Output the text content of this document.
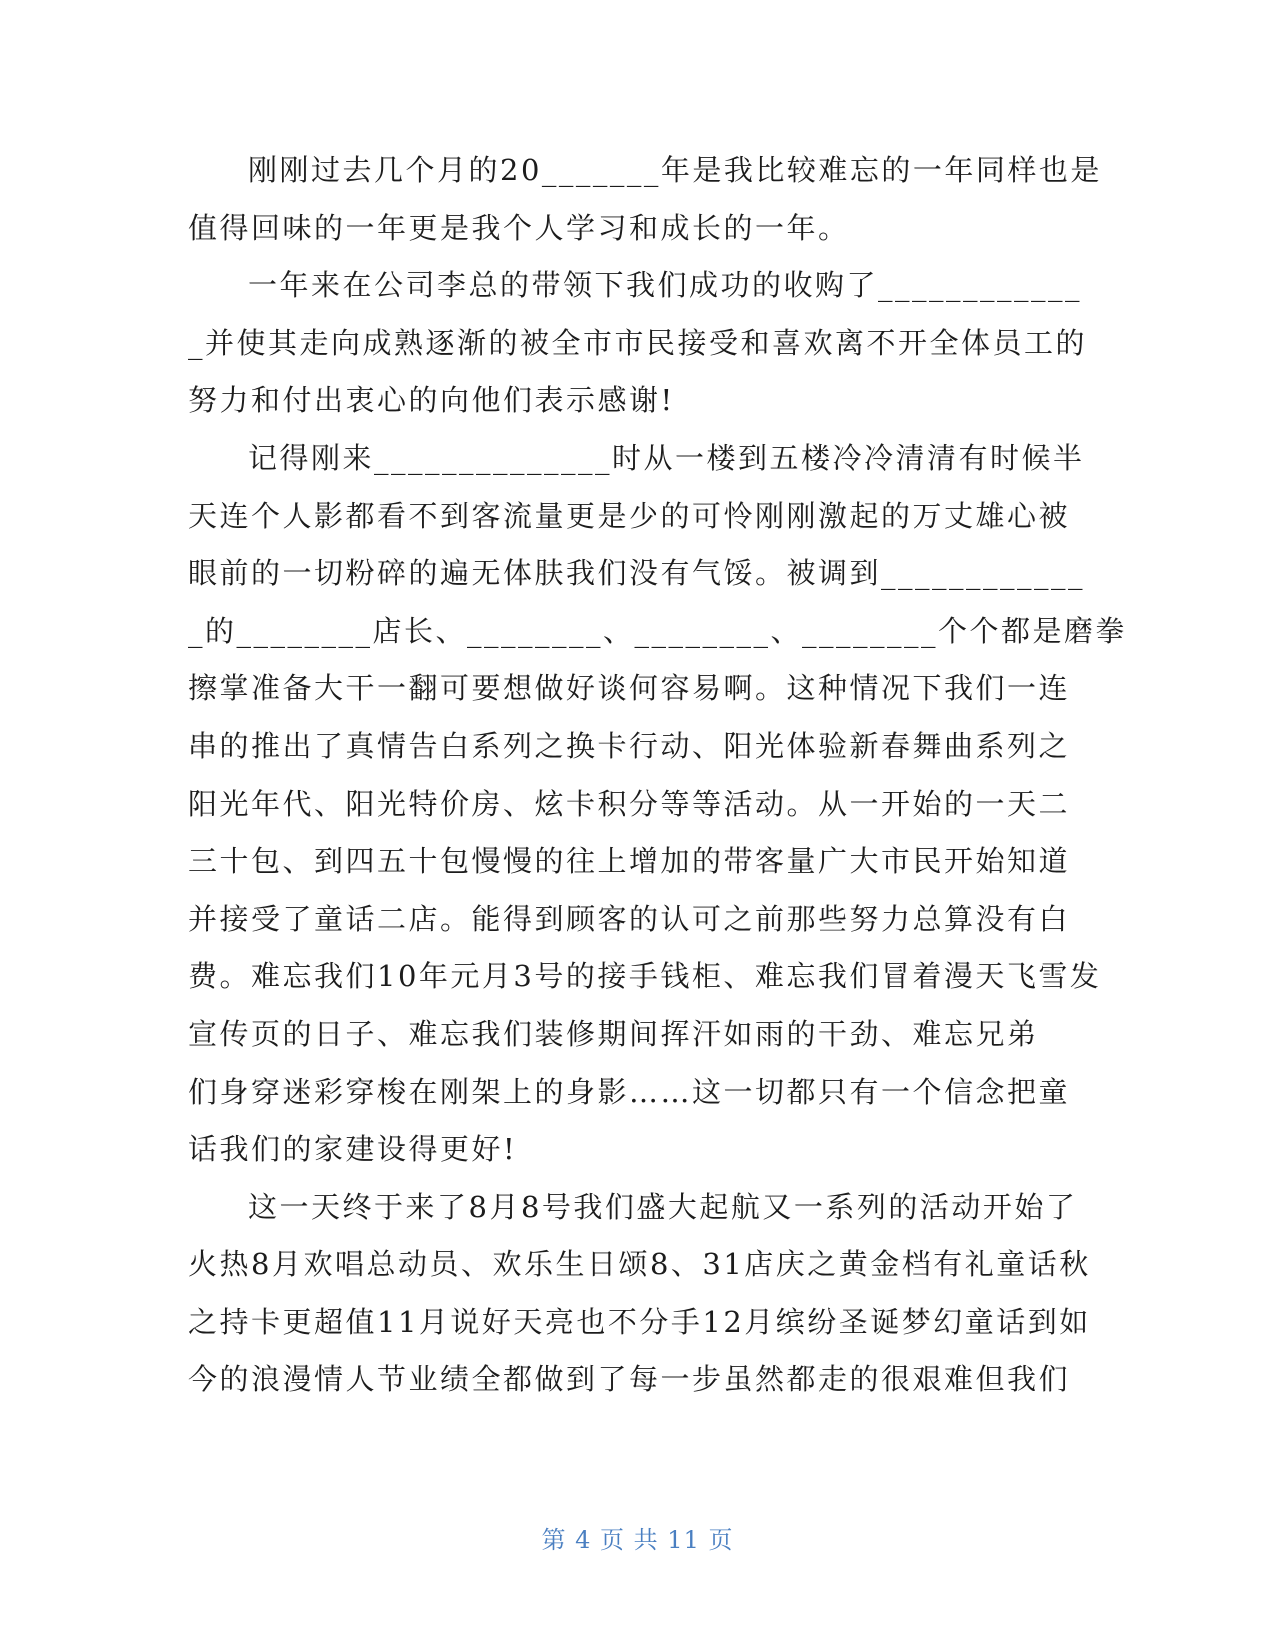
刚刚过去几个月的20_______年是我比较难忘的一年同样也是
值得回味的一年更是我个人学习和成长的一年。
一年来在公司李总的带领下我们成功的收购了____________
_并使其走向成熟逐渐的被全市市民接受和喜欢离不开全体员工的
努力和付出衷心的向他们表示感谢!
记得刚来______________时从一楼到五楼冷冷清清有时候半
天连个人影都看不到客流量更是少的可怜刚刚激起的万丈雄心被
眼前的一切粉碎的遍无体肤我们没有气馁。被调到____________
_的________店长、________、________、________个个都是磨拳
擦掌准备大干一翻可要想做好谈何容易啊。这种情况下我们一连
串的推出了真情告白系列之换卡行动、阳光体验新春舞曲系列之
阳光年代、阳光特价房、炫卡积分等等活动。从一开始的一天二
三十包、到四五十包慢慢的往上增加的带客量广大市民开始知道
并接受了童话二店。能得到顾客的认可之前那些努力总算没有白
费。难忘我们10年元月3号的接手钱柜、难忘我们冒着漫天飞雪发
宣传页的日子、难忘我们装修期间挥汗如雨的干劲、难忘兄弟
们身穿迷彩穿梭在刚架上的身影……这一切都只有一个信念把童
话我们的家建设得更好!
这一天终于来了8月8号我们盛大起航又一系列的活动开始了
火热8月欢唱总动员、欢乐生日颂8、31店庆之黄金档有礼童话秋
之持卡更超值11月说好天亮也不分手12月缤纷圣诞梦幻童话到如
今的浪漫情人节业绩全都做到了每一步虽然都走的很艰难但我们
第 4 页 共 11 页
